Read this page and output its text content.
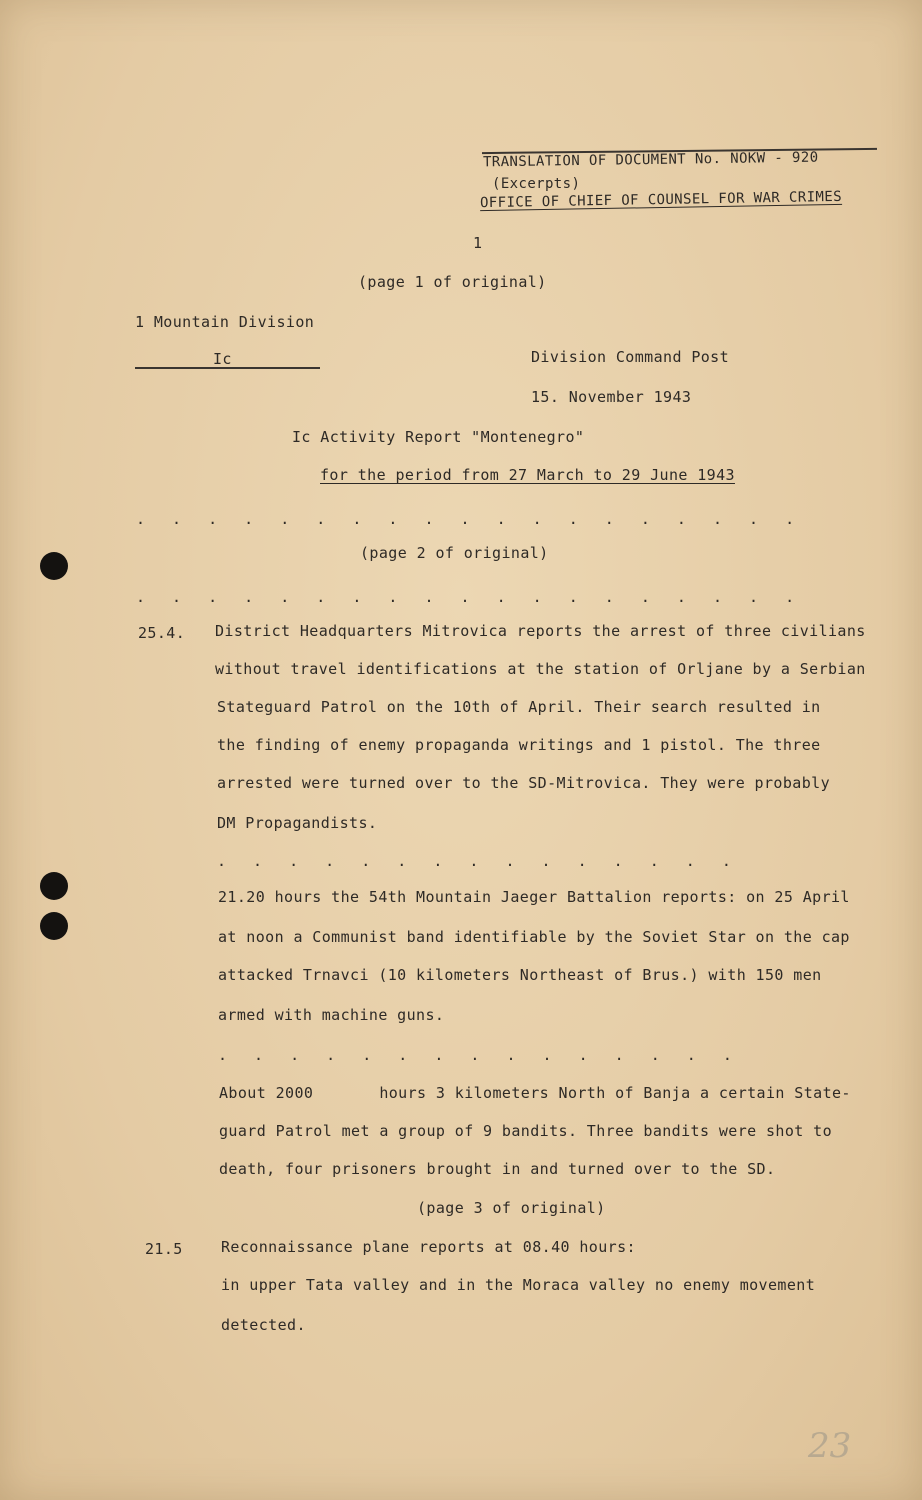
TRANSLATION OF DOCUMENT No. NOKW - 920
(Excerpts)
OFFICE OF CHIEF OF COUNSEL FOR WAR CRIMES
1
(page 1 of original)
1 Mountain Division
Ic	Division Command Post
15. November 1943
Ic Activity Report "Montenegro"
for the period from 27 March to 29 June 1943
. . . . . . . . . . . . . . . . . . .
(page 2 of original)
. . . . . . . . . . . . . . . . . . .
25.4. District Headquarters Mitrovica reports the arrest of three civilians
without travel identifications at the station of Orljane by a Serbian
Stateguard Patrol on the 10th of April. Their search resulted in
the finding of enemy propaganda writings and 1 pistol. The three
arrested were turned over to the SD-Mitrovica. They were probably
DM Propagandists.
. . . . . . . . . . . . . . .
21.20 hours the 54th Mountain Jaeger Battalion reports: on 25 April
at noon a Communist band identifiable by the Soviet Star on the cap
attacked Trnavci (10 kilometers Northeast of Brus.) with 150 men
armed with machine guns.
. . . . . . . . . . . . . . .
About 2000       hours 3 kilometers North of Banja a certain State-
guard Patrol met a group of 9 bandits. Three bandits were shot to
death, four prisoners brought in and turned over to the SD.
(page 3 of original)
21.5	Reconnaissance plane reports at 08.40 hours:
in upper Tata valley and in the Moraca valley no enemy movement
detected.
23
